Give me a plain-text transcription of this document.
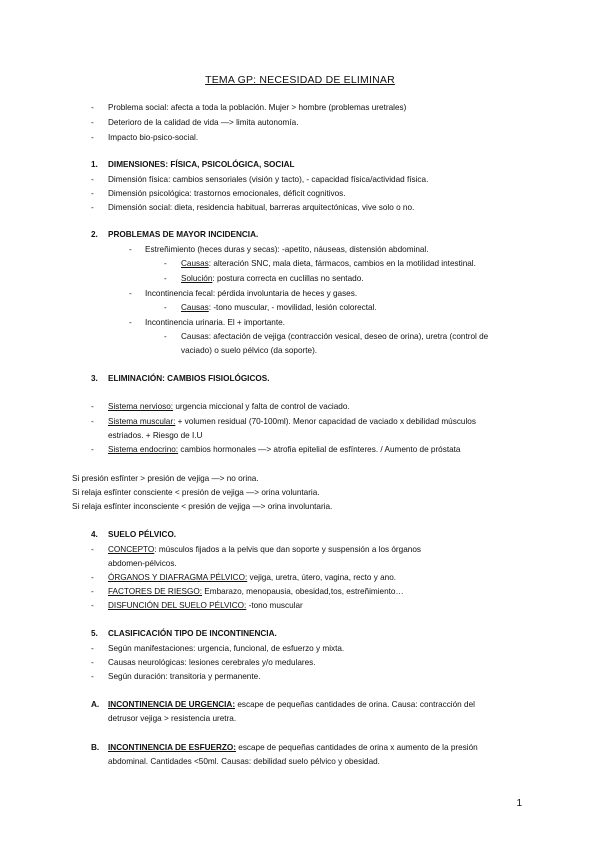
TEMA GP: NECESIDAD DE ELIMINAR
- Problema social: afecta a toda la población. Mujer > hombre (problemas uretrales)
- Deterioro de la calidad de vida —> limita autonomía.
- Impacto bio-psico-social.
1. DIMENSIONES: FÍSICA, PSICOLÓGICA, SOCIAL
- Dimensión física: cambios sensoriales (visión y tacto), - capacidad física/actividad física.
- Dimensión psicológica: trastornos emocionales, déficit cognitivos.
- Dimensión social: dieta, residencia habitual, barreras arquitectónicas, vive solo o no.
2. PROBLEMAS DE MAYOR INCIDENCIA.
- Estreñimiento (heces duras y secas): -apetito, náuseas, distensión abdominal.
- Causas: alteración SNC, mala dieta, fármacos, cambios en la motilidad intestinal.
- Solución: postura correcta en cuclillas no sentado.
- Incontinencia fecal: pérdida involuntaria de heces y gases.
- Causas: -tono muscular, - movilidad, lesión colorectal.
- Incontinencia urinaria. El + importante.
- Causas: afectación de vejiga (contracción vesical, deseo de orina), uretra (control de
vaciado) o suelo pélvico (da soporte).
3. ELIMINACIÓN: CAMBIOS FISIOLÓGICOS.
- Sistema nervioso: urgencia miccional y falta de control de vaciado.
- Sistema muscular: + volumen residual (70-100ml). Menor capacidad de vaciado x debilidad músculos
estriados. + Riesgo de I.U
- Sistema endocrino: cambios hormonales —> atrofia epitelial de esfínteres. / Aumento de próstata
Si presión esfínter > presión de vejiga —> no orina.
Si relaja esfínter consciente < presión de vejiga —> orina voluntaria.
Si relaja esfínter inconsciente < presión de vejiga —> orina involuntaria.
4. SUELO PÉLVICO.
- CONCEPTO: músculos fijados a la pelvis que dan soporte y suspensión a los órganos
abdomen-pélvicos.
- ÓRGANOS Y DIAFRAGMA PÉLVICO: vejiga, uretra, útero, vagina, recto y ano.
- FACTORES DE RIESGO: Embarazo, menopausia, obesidad,tos, estreñimiento…
- DISFUNCIÓN DEL SUELO PÉLVICO: -tono muscular
5. CLASIFICACIÓN TIPO DE INCONTINENCIA.
- Según manifestaciones: urgencia, funcional, de esfuerzo y mixta.
- Causas neurológicas: lesiones cerebrales y/o medulares.
- Según duración: transitoria y permanente.
A. INCONTINENCIA DE URGENCIA: escape de pequeñas cantidades de orina. Causa: contracción del
detrusor vejiga > resistencia uretra.
B. INCONTINENCIA DE ESFUERZO: escape de pequeñas cantidades de orina x aumento de la presión
abdominal. Cantidades <50ml. Causas: debilidad suelo pélvico y obesidad.
1
